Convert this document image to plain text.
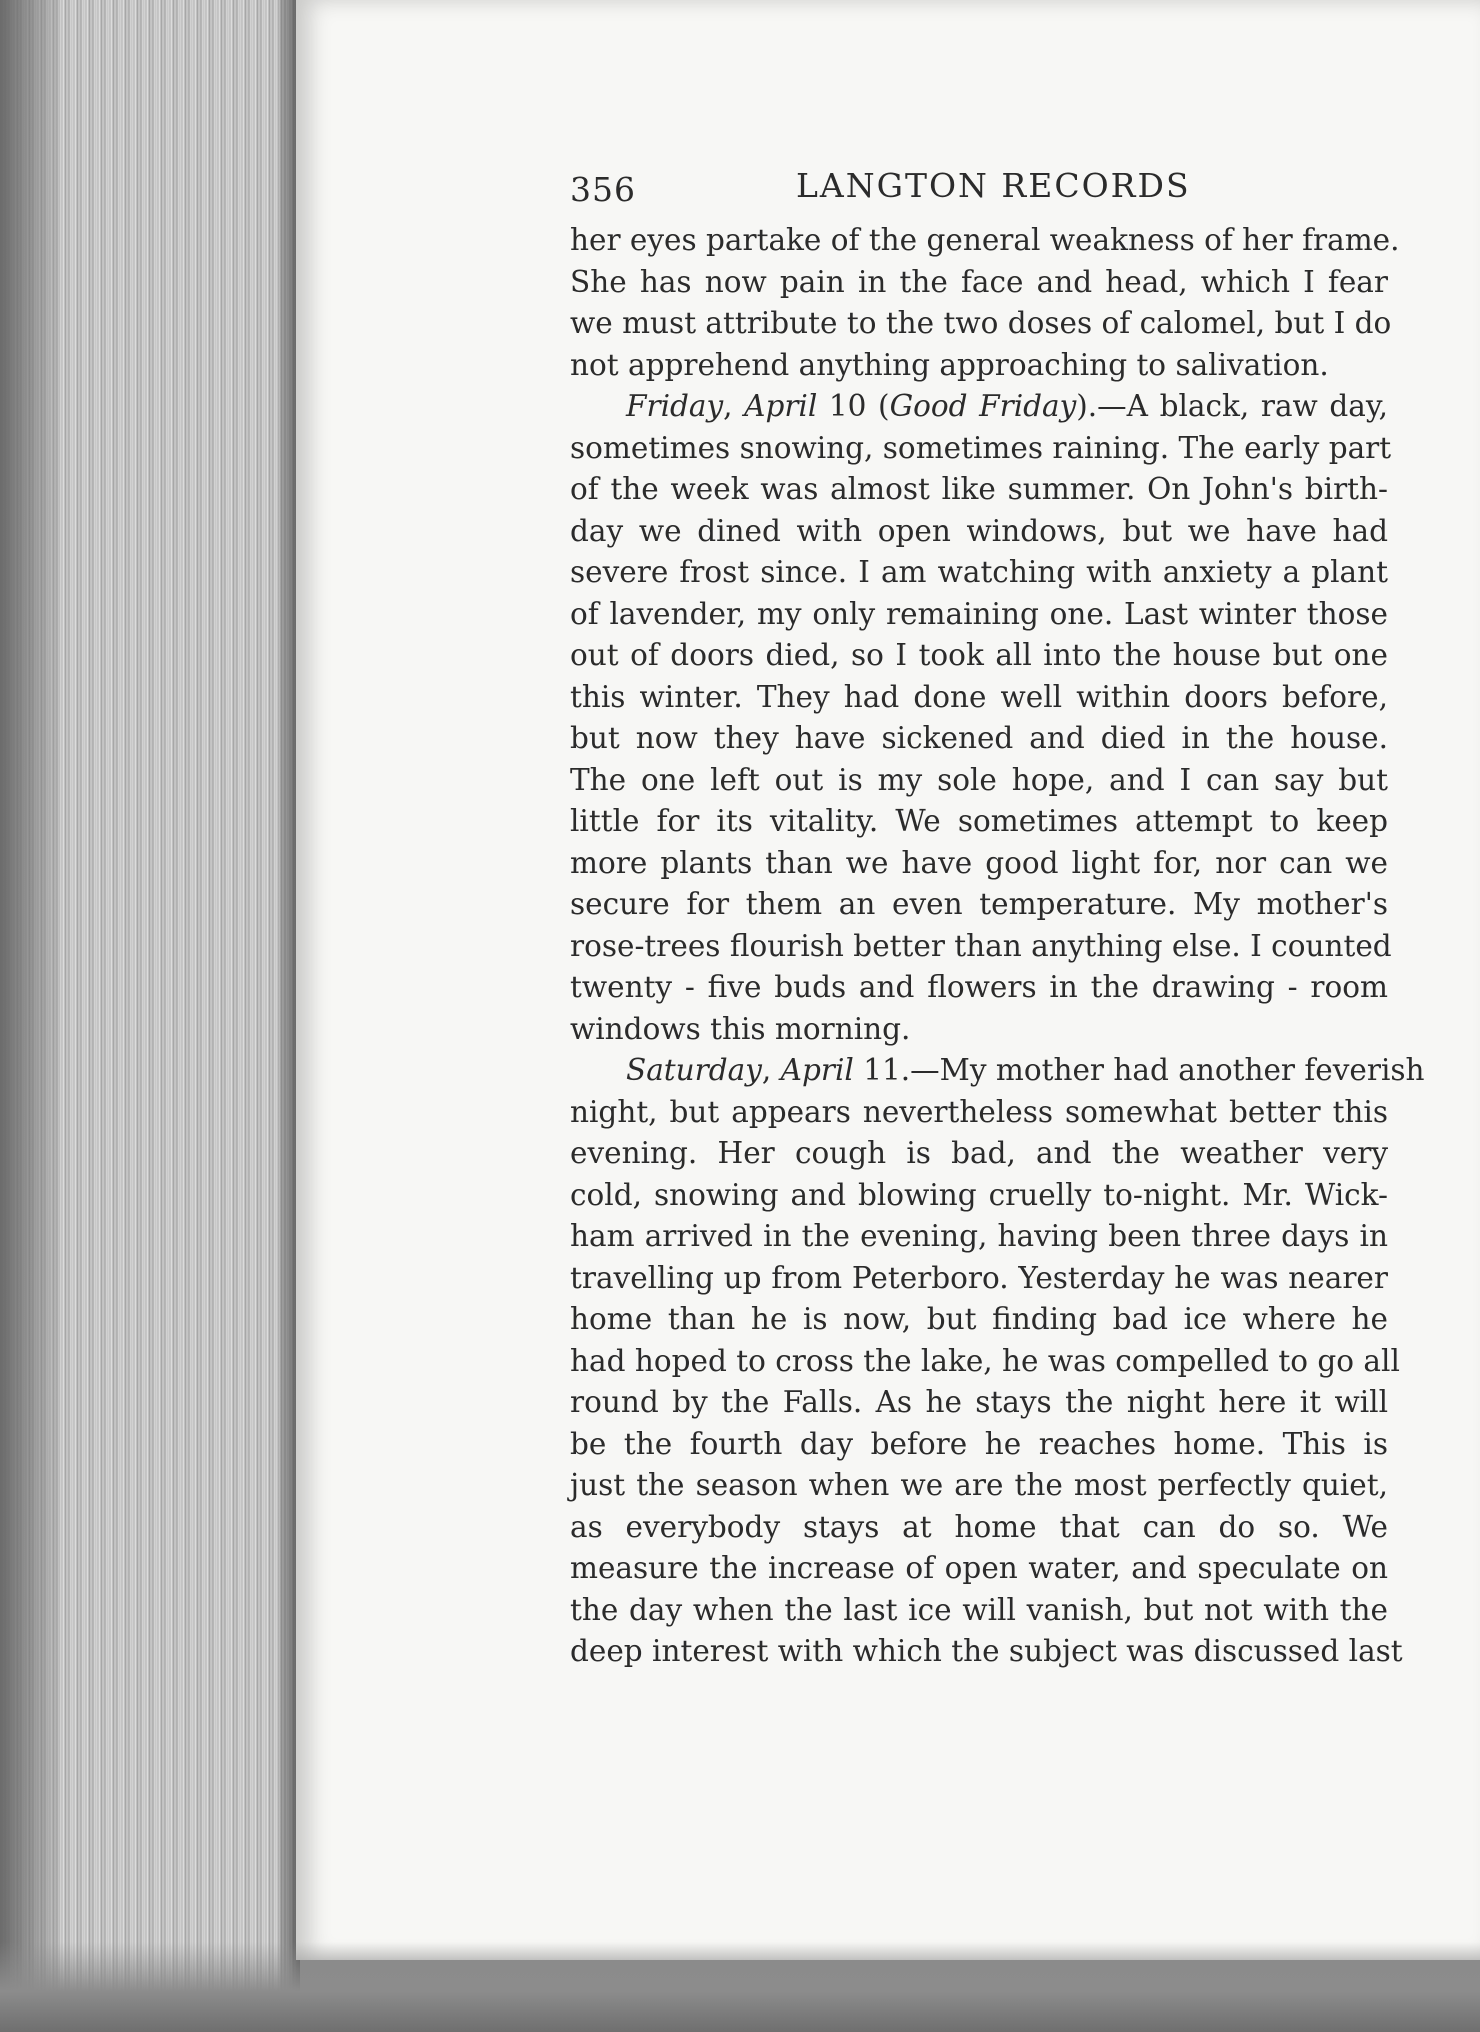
356	LANGTON RECORDS
her eyes partake of the general weakness of her frame.
She has now pain in the face and head, which I fear
we must attribute to the two doses of calomel, but I do
not apprehend anything approaching to salivation.
Friday, April 10 (Good Friday).—A black, raw day,
sometimes snowing, sometimes raining. The early part
of the week was almost like summer. On John's birth-
day we dined with open windows, but we have had
severe frost since. I am watching with anxiety a plant
of lavender, my only remaining one. Last winter those
out of doors died, so I took all into the house but one
this winter. They had done well within doors before,
but now they have sickened and died in the house.
The one left out is my sole hope, and I can say but
little for its vitality. We sometimes attempt to keep
more plants than we have good light for, nor can we
secure for them an even temperature. My mother's
rose-trees flourish better than anything else. I counted
twenty - five buds and flowers in the drawing - room
windows this morning.
Saturday, April 11.—My mother had another feverish
night, but appears nevertheless somewhat better this
evening. Her cough is bad, and the weather very
cold, snowing and blowing cruelly to-night. Mr. Wick-
ham arrived in the evening, having been three days in
travelling up from Peterboro. Yesterday he was nearer
home than he is now, but finding bad ice where he
had hoped to cross the lake, he was compelled to go all
round by the Falls. As he stays the night here it will
be the fourth day before he reaches home. This is
just the season when we are the most perfectly quiet,
as everybody stays at home that can do so. We
measure the increase of open water, and speculate on
the day when the last ice will vanish, but not with the
deep interest with which the subject was discussed last
